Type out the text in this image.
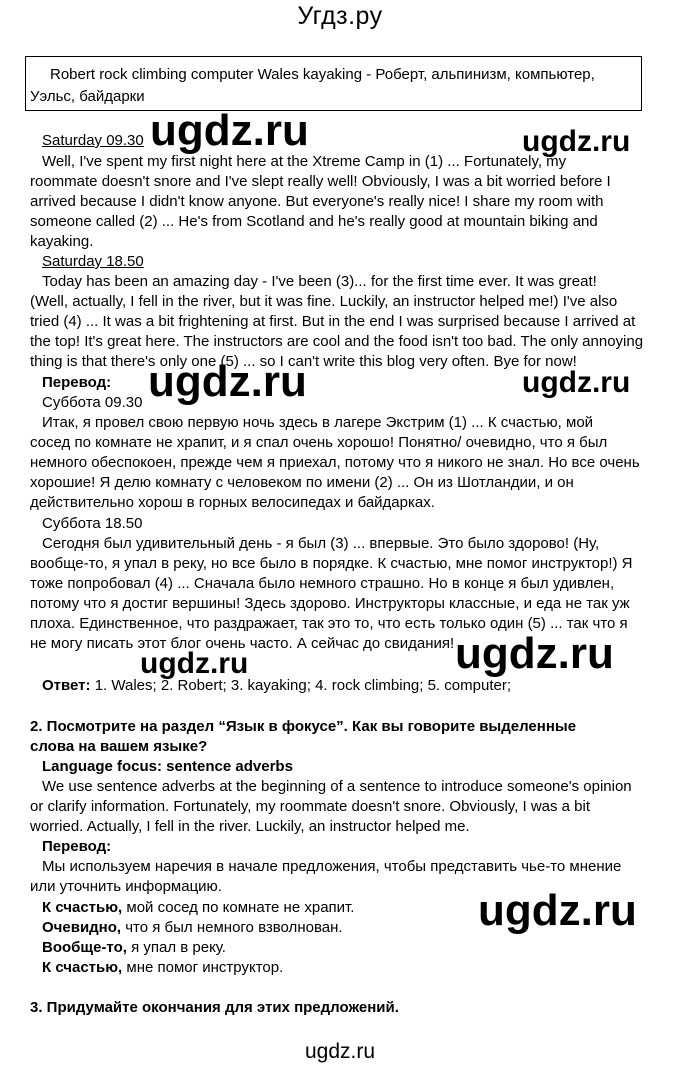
Угдз.ру
Robert rock climbing computer Wales kayaking - Роберт, альпинизм, компьютер,
Уэльс, байдарки
Saturday 09.30
Well, I've spent my first night here at the Xtreme Camp in (1) ... Fortunately, my
roommate doesn't snore and I've slept really well! Obviously, I was a bit worried before I
arrived because I didn't know anyone. But everyone's really nice! I share my room with
someone called (2) ... He's from Scotland and he's really good at mountain biking and
kayaking.
Saturday 18.50
Today has been an amazing day - I've been (3)... for the first time ever. It was great!
(Well, actually, I fell in the river, but it was fine. Luckily, an instructor helped me!) I've also
tried (4) ... It was a bit frightening at first. But in the end I was surprised because I arrived at
the top! It's great here. The instructors are cool and the food isn't too bad. The only annoying
thing is that there's only one (5) ... so I can't write this blog very often. Bye for now!
Перевод:
Суббота 09.30
Итак, я провел свою первую ночь здесь в лагере Экстрим (1) ... К счастью, мой
сосед по комнате не храпит, и я спал очень хорошо! Понятно/ очевидно, что я был
немного обеспокоен, прежде чем я приехал, потому что я никого не знал. Но все очень
хорошие! Я делю комнату с человеком по имени (2) ... Он из Шотландии, и он
действительно хорош в горных велосипедах и байдарках.
Суббота 18.50
Сегодня был удивительный день - я был (3) ... впервые. Это было здорово! (Ну,
вообще-то, я упал в реку, но все было в порядке. К счастью, мне помог инструктор!) Я
тоже попробовал (4) ... Сначала было немного страшно. Но в конце я был удивлен,
потому что я достиг вершины! Здесь здорово. Инструкторы классные, и еда не так уж
плоха. Единственное, что раздражает, так это то, что есть только один (5) ... так что я
не могу писать этот блог очень часто. А сейчас до свидания!
Ответ: 1. Wales; 2. Robert; 3. kayaking; 4. rock climbing; 5. computer;
2. Посмотрите на раздел “Язык в фокусе”. Как вы говорите выделенные
слова на вашем языке?
Language focus: sentence adverbs
We use sentence adverbs at the beginning of a sentence to introduce someone's opinion
or clarify information. Fortunately, my roommate doesn't snore. Obviously, I was a bit
worried. Actually, I fell in the river. Luckily, an instructor helped me.
Перевод:
Мы используем наречия в начале предложения, чтобы представить чье-то мнение
или уточнить информацию.
К счастью, мой сосед по комнате не храпит.
Очевидно, что я был немного взволнован.
Вообще-то, я упал в реку.
К счастью, мне помог инструктор.
3. Придумайте окончания для этих предложений.
ugdz.ru	ugdz.ru
ugdz.ru	ugdz.ru
ugdz.ru	ugdz.ru
ugdz.ru
ugdz.ru
